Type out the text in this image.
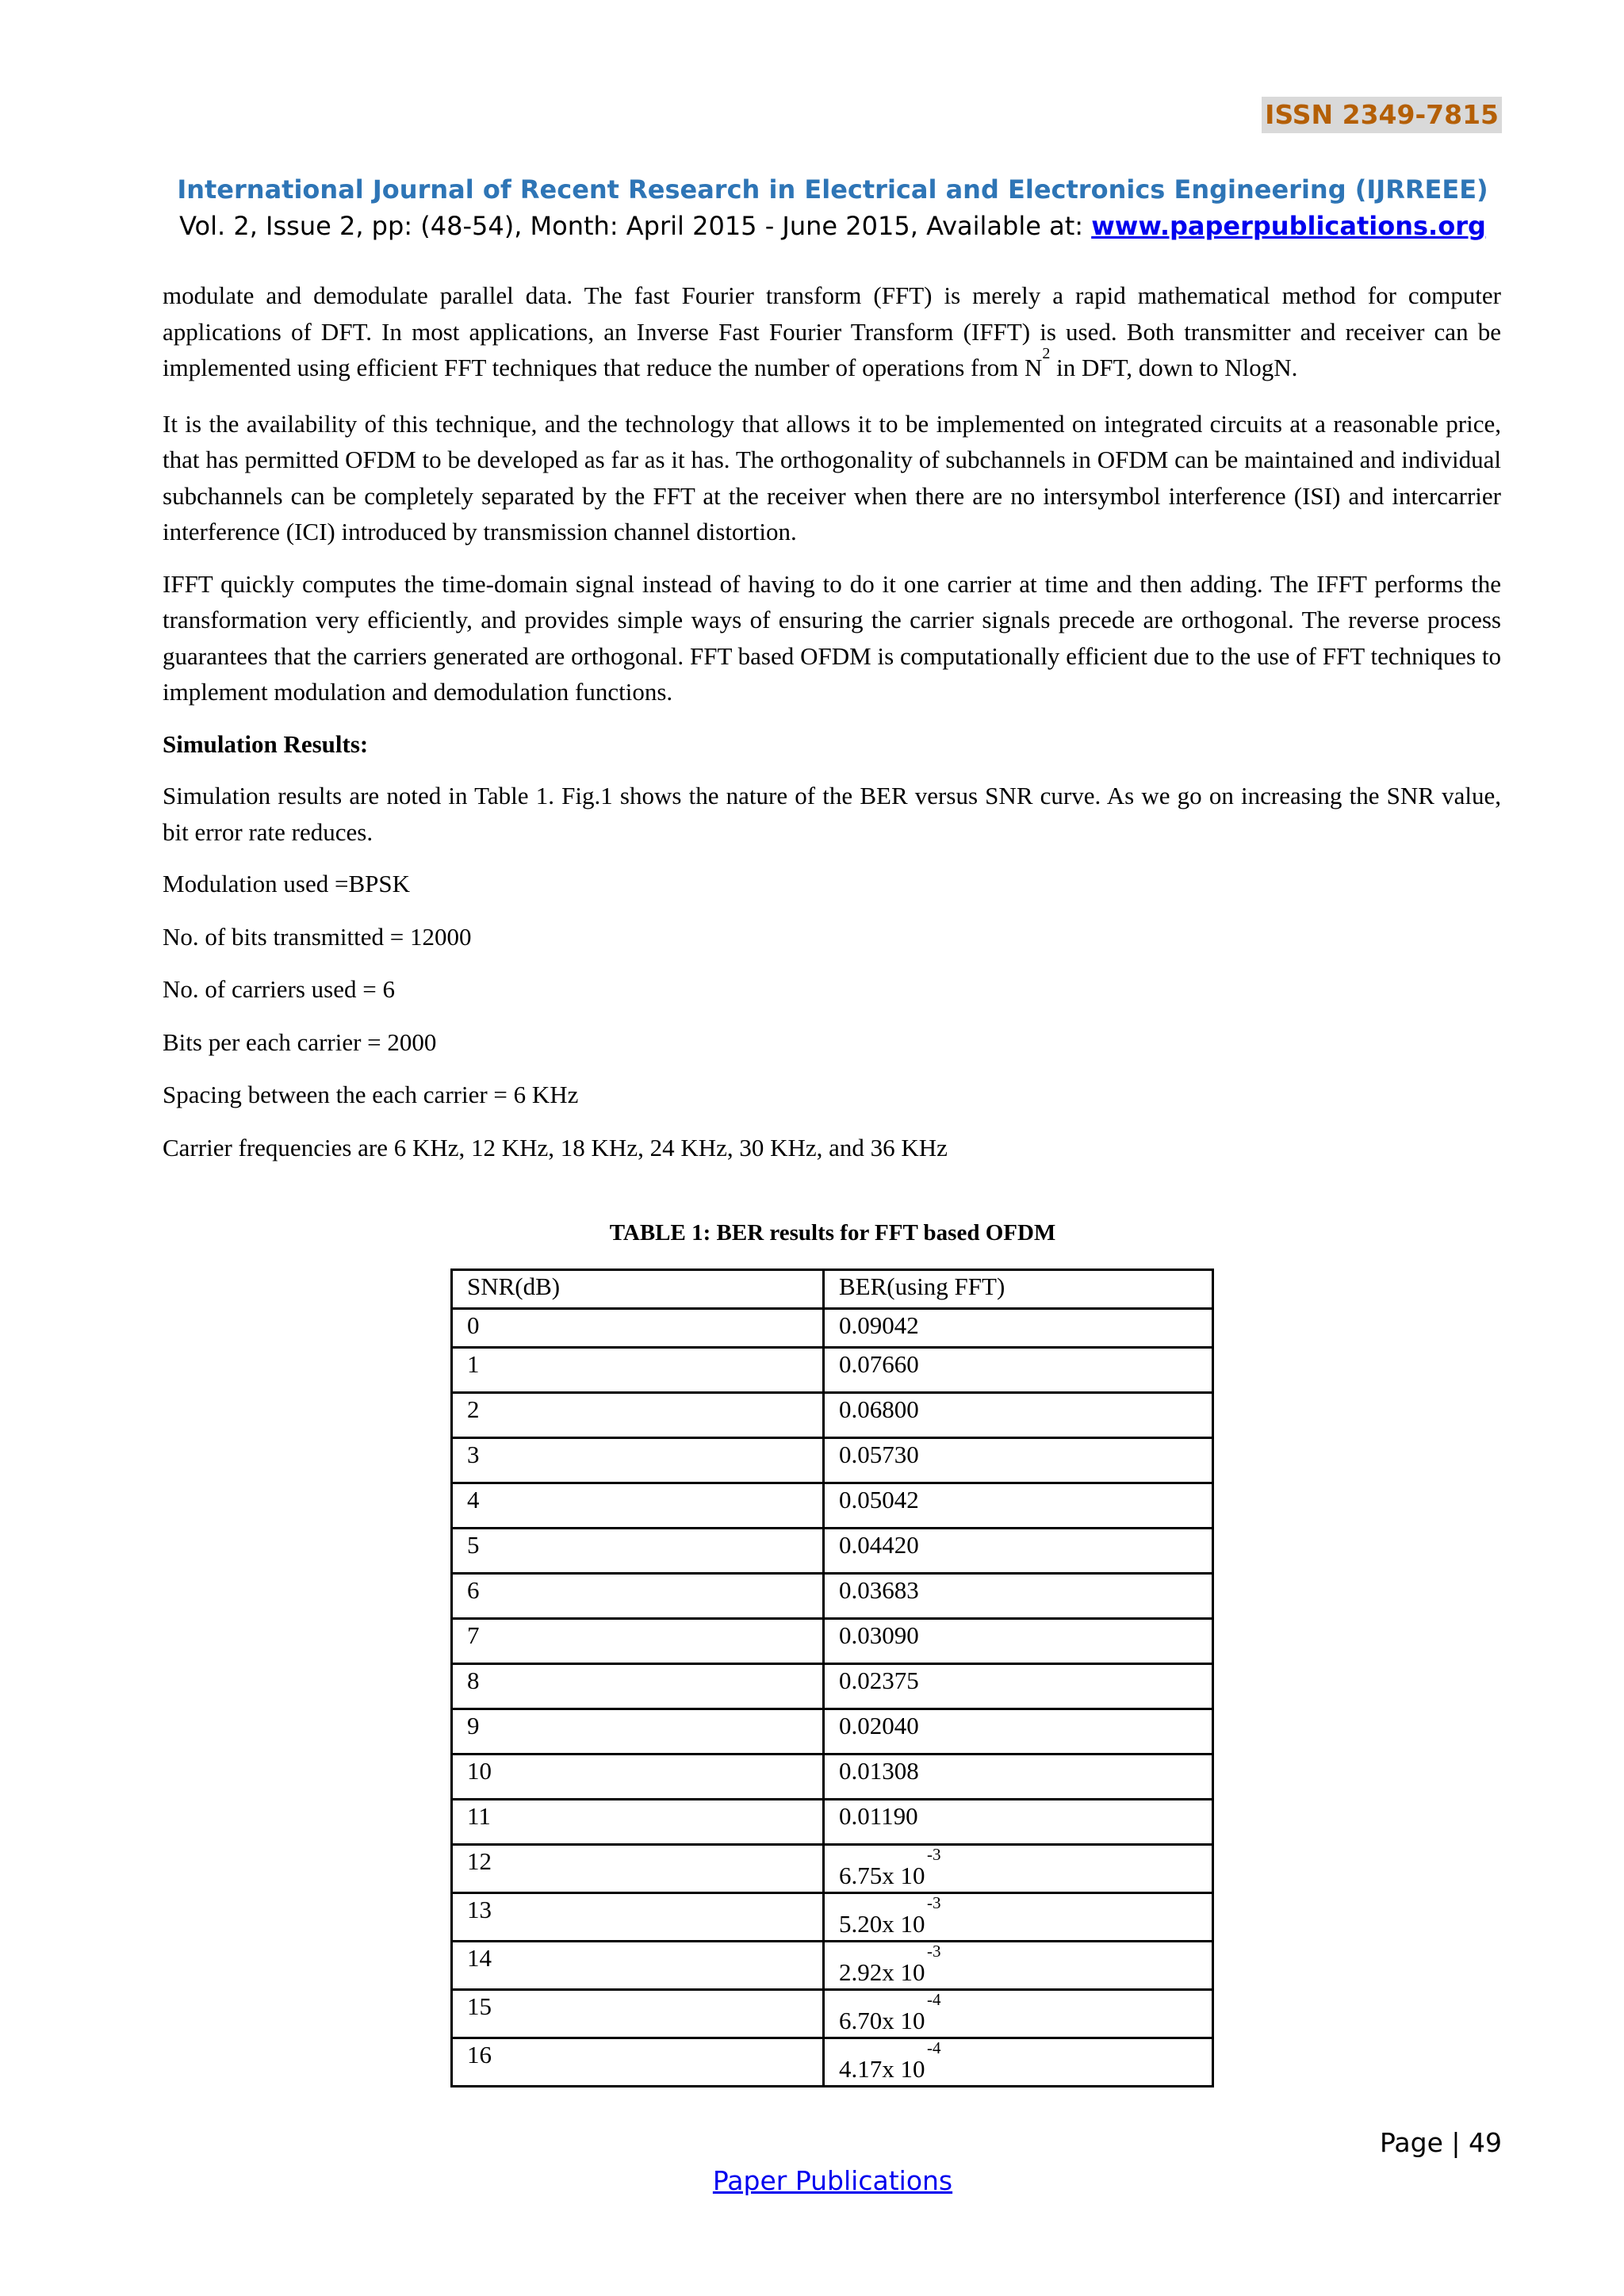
ISSN 2349-7815
International Journal of Recent Research in Electrical and Electronics Engineering (IJRREEE)
Vol. 2, Issue 2, pp: (48-54), Month: April 2015 - June 2015, Available at: www.paperpublications.org

modulate and demodulate parallel data. The fast Fourier transform (FFT) is merely a rapid mathematical method for computer applications of DFT. In most applications, an Inverse Fast Fourier Transform (IFFT) is used. Both transmitter and receiver can be implemented using efficient FFT techniques that reduce the number of operations from $N^2$ in DFT, down to NlogN.

It is the availability of this technique, and the technology that allows it to be implemented on integrated circuits at a reasonable price, that has permitted OFDM to be developed as far as it has. The orthogonality of subchannels in OFDM can be maintained and individual subchannels can be completely separated by the FFT at the receiver when there are no intersymbol interference (ISI) and intercarrier interference (ICI) introduced by transmission channel distortion.

IFFT quickly computes the time-domain signal instead of having to do it one carrier at time and then adding. The IFFT performs the transformation very efficiently, and provides simple ways of ensuring the carrier signals precede are orthogonal. The reverse process guarantees that the carriers generated are orthogonal. FFT based OFDM is computationally efficient due to the use of FFT techniques to implement modulation and demodulation functions.

Simulation Results:

Simulation results are noted in Table 1. Fig.1 shows the nature of the BER versus SNR curve. As we go on increasing the SNR value, bit error rate reduces.

Modulation used =BPSK

No. of bits transmitted = 12000

No. of carriers used = 6

Bits per each carrier = 2000

Spacing between the each carrier = 6 KHz

Carrier frequencies are 6 KHz, 12 KHz, 18 KHz, 24 KHz, 30 KHz, and 36 KHz

TABLE 1: BER results for FFT based OFDM
SNR(dB)	BER(using FFT)
0	0.09042
1	0.07660
2	0.06800
3	0.05730
4	0.05042
5	0.04420
6	0.03683
7	0.03090
8	0.02375
9	0.02040
10	0.01308
11	0.01190
12	6.75x 10
-3

13	5.20x 10
-3

14	2.92x 10
-3

15	6.70x 10
-4

16	4.17x 10
-4
Page | 49
Paper Publications
